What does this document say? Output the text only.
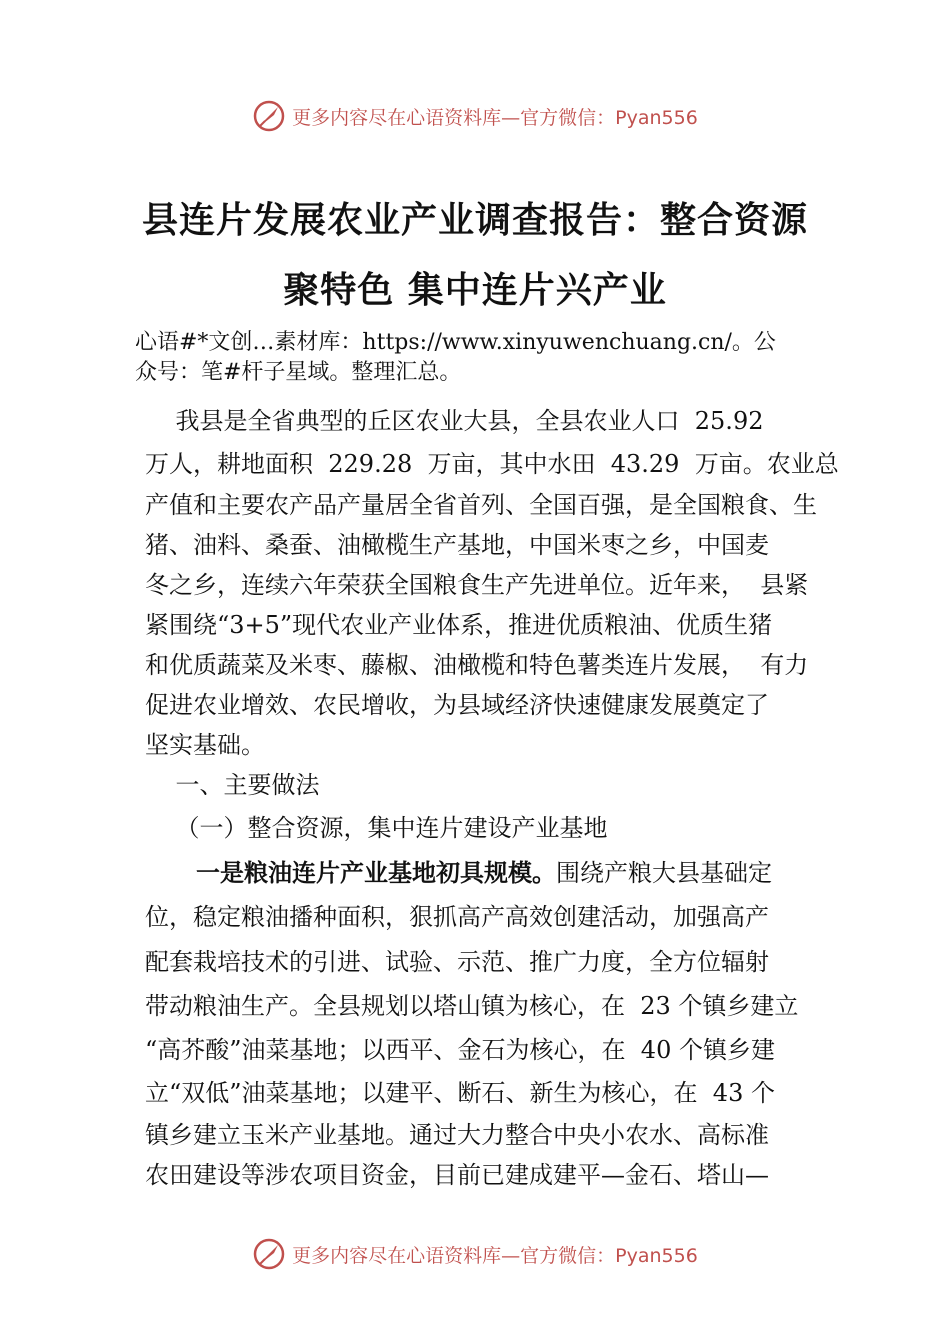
更多内容尽在心语资料库— 官方微信：Pyan556
县连片发展农业产业调查报告：整合资源
聚特色 集中连片兴产业
心语#*文创…素材库：https://www.xinyuwenchuang.cn/。公
众号：笔#杆子星域。整理汇总。
我县是全省典型的丘区农业大县，全县农业人口  25.92
万人，耕地面积  229.28  万亩，其中水田  43.29  万亩。农业总
产值和主要农产品产量居全省首列、全国百强，是全国粮食、生
猪、油料、桑蚕、油橄榄生产基地，中国米枣之乡，中国麦
冬之乡，连续六年荣获全国粮食生产先进单位。近年来，  县紧
紧围绕“3+5”现代农业产业体系，推进优质粮油、优质生猪
和优质蔬菜及米枣、藤椒、油橄榄和特色薯类连片发展，  有力
促进农业增效、农民增收，为县域经济快速健康发展奠定了
坚实基础。
一、主要做法
（一）整合资源，集中连片建设产业基地
一是粮油连片产业基地初具规模。围绕产粮大县基础定
位，稳定粮油播种面积，狠抓高产高效创建活动，加强高产
配套栽培技术的引进、试验、示范、推广力度，全方位辐射
带动粮油生产。全县规划以塔山镇为核心，在  23 个镇乡建立
“高芥酸”油菜基地；以西平、金石为核心，在  40 个镇乡建
立“双低”油菜基地；以建平、断石、新生为核心，在  43 个
镇乡建立玉米产业基地。通过大力整合中央小农水、高标准
农田建设等涉农项目资金，目前已建成建平—金石、塔山—
更多内容尽在心语资料库— 官方微信：Pyan556
